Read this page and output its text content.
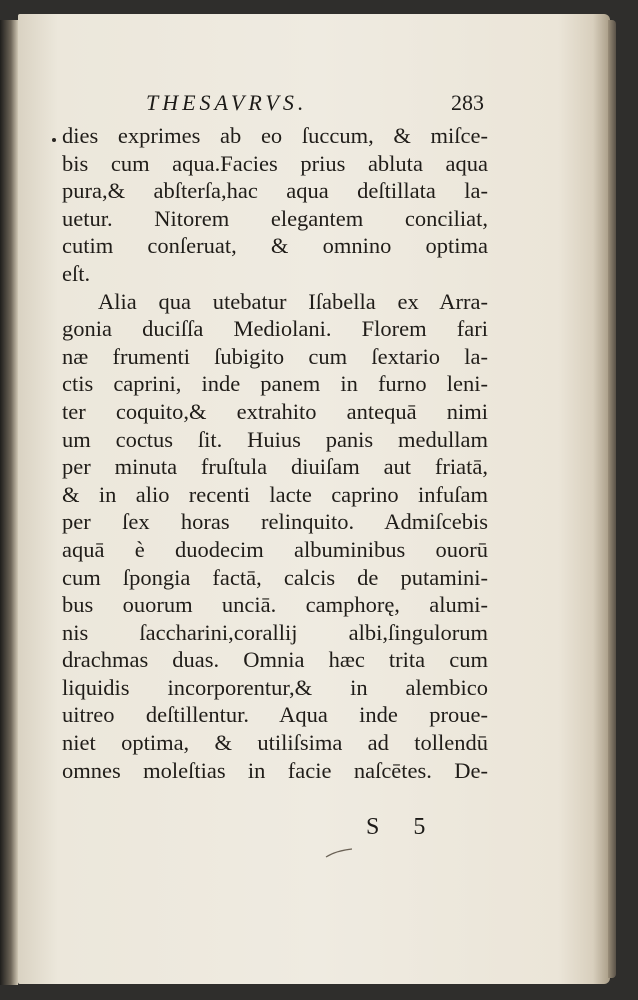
THESAVRVS.	283
dies exprimes ab eo ſuccum, & miſce-
bis cum aqua.Facies prius abluta aqua
pura,& abſterſa,hac aqua deſtillata la-
uetur. Nitorem elegantem conciliat,
cutim conſeruat, & omnino optima
eſt.
Alia qua utebatur Iſabella ex Arra-
gonia duciſſa Mediolani. Florem fari
næ frumenti ſubigito cum ſextario la-
ctis caprini, inde panem in furno leni-
ter coquito,& extrahito antequā nimi
um coctus ſit. Huius panis medullam
per minuta fruſtula diuiſam aut friatā,
& in alio recenti lacte caprino infuſam
per ſex horas relinquito. Admiſcebis
aquā è duodecim albuminibus ouorū
cum ſpongia factā, calcis de putamini-
bus ouorum unciā. camphorę, alumi-
nis ſaccharini,corallij albi,ſingulorum
drachmas duas. Omnia hæc trita cum
liquidis incorporentur,& in alembico
uitreo deſtillentur. Aqua inde proue-
niet optima, & utiliſsima ad tollendū
omnes moleſtias in facie naſcētes. De-
S 5
